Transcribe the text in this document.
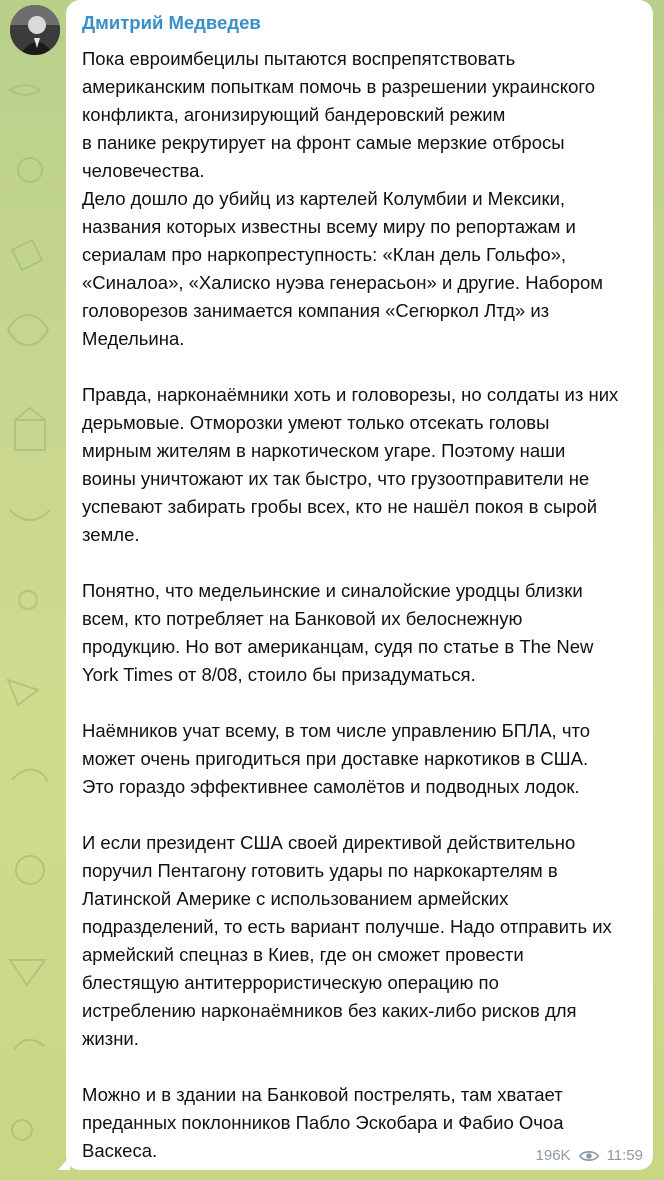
Дмитрий Медведев
Пока евроимбецилы пытаются воспрепятствовать
американским попыткам помочь в разрешении украинского
конфликта, агонизирующий бандеровский режим
в панике рекрутирует на фронт самые мерзкие отбросы
человечества.
Дело дошло до убийц из картелей Колумбии и Мексики,
названия которых известны всему миру по репортажам и
сериалам про наркопреступность: «Клан дель Гольфо»,
«Синалоа», «Халиско нуэва генерасьон» и другие. Набором
головорезов занимается компания «Сегюркол Лтд» из
Медельина.
Правда, нарконаёмники хоть и головорезы, но солдаты из них
дерьмовые. Отморозки умеют только отсекать головы
мирным жителям в наркотическом угаре. Поэтому наши
воины уничтожают их так быстро, что грузоотправители не
успевают забирать гробы всех, кто не нашёл покоя в сырой
земле.
Понятно, что медельинские и синалойские уродцы близки
всем, кто потребляет на Банковой их белоснежную
продукцию. Но вот американцам, судя по статье в The New
York Times от 8/08, стоило бы призадуматься.
Наёмников учат всему, в том числе управлению БПЛА, что
может очень пригодиться при доставке наркотиков в США.
Это гораздо эффективнее самолётов и подводных лодок.
И если президент США своей директивой действительно
поручил Пентагону готовить удары по наркокартелям в
Латинской Америке с использованием армейских
подразделений, то есть вариант получше. Надо отправить их
армейский спецназ в Киев, где он сможет провести
блестящую антитеррористическую операцию по
истреблению нарконаёмников без каких-либо рисков для
жизни.
Можно и в здании на Банковой пострелять, там хватает
преданных поклонников Пабло Эскобара и Фабио Очоа
Васкеса.	196K 11:59
